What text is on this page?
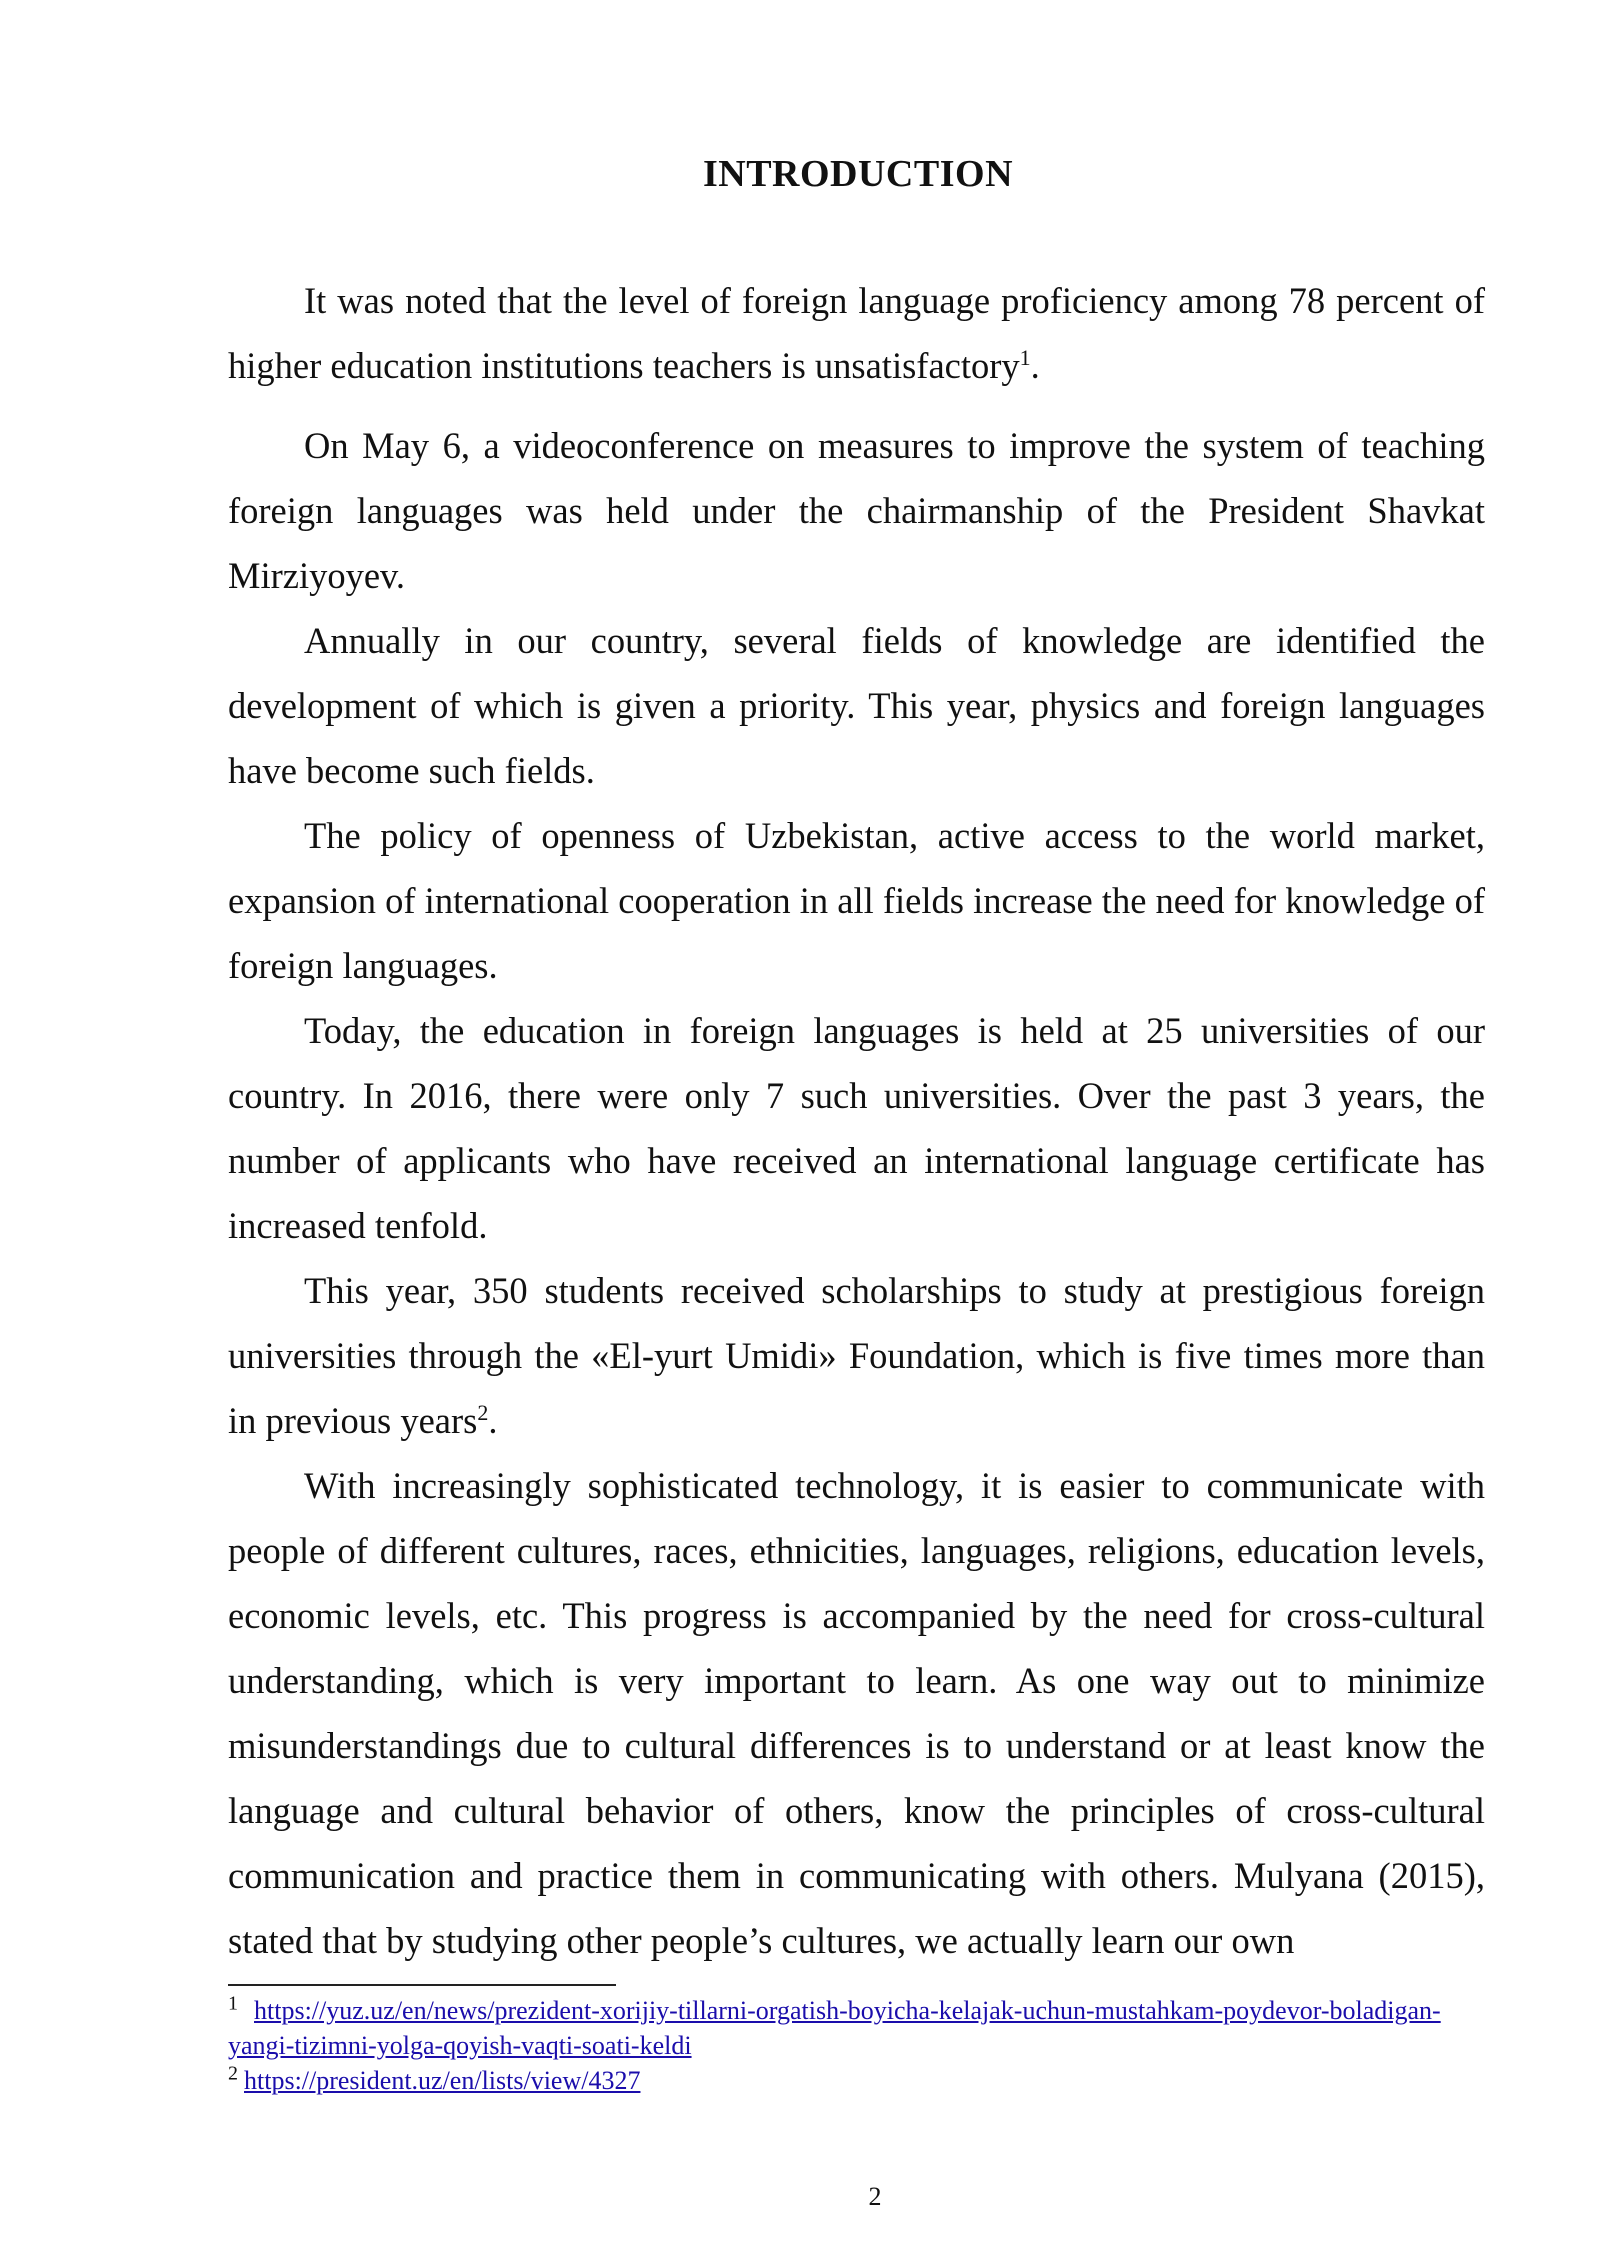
INTRODUCTION

It was noted that the level of foreign language proficiency among 78 percent of higher education institutions teachers is unsatisfactory$^1$.

On May 6, a videoconference on measures to improve the system of teaching foreign languages was held under the chairmanship of the President Shavkat Mirziyoyev.

Annually in our country, several fields of knowledge are identified the development of which is given a priority. This year, physics and foreign languages have become such fields.

The policy of openness of Uzbekistan, active access to the world market, expansion of international cooperation in all fields increase the need for knowledge of foreign languages.

Today, the education in foreign languages is held at 25 universities of our country. In 2016, there were only 7 such universities. Over the past 3 years, the number of applicants who have received an international language certificate has increased tenfold.

This year, 350 students received scholarships to study at prestigious foreign universities through the «El-yurt Umidi» Foundation, which is five times more than in previous years$^2$.

With increasingly sophisticated technology, it is easier to communicate with people of different cultures, races, ethnicities, languages, religions, education levels, economic levels, etc. This progress is accompanied by the need for cross-cultural understanding, which is very important to learn. As one way out to minimize misunderstandings due to cultural differences is to understand or at least know the language and cultural behavior of others, know the principles of cross-cultural communication and practice them in communicating with others. Mulyana (2015), stated that by studying other people’s cultures, we actually learn our own

$^1$ https://yuz.uz/en/news/prezident-xorijiy-tillarni-orgatish-boyicha-kelajak-uchun-mustahkam-poydevor-boladigan-yangi-tizimni-yolga-qoyish-vaqti-soati-keldi

$^2$ https://president.uz/en/lists/view/4327

2
